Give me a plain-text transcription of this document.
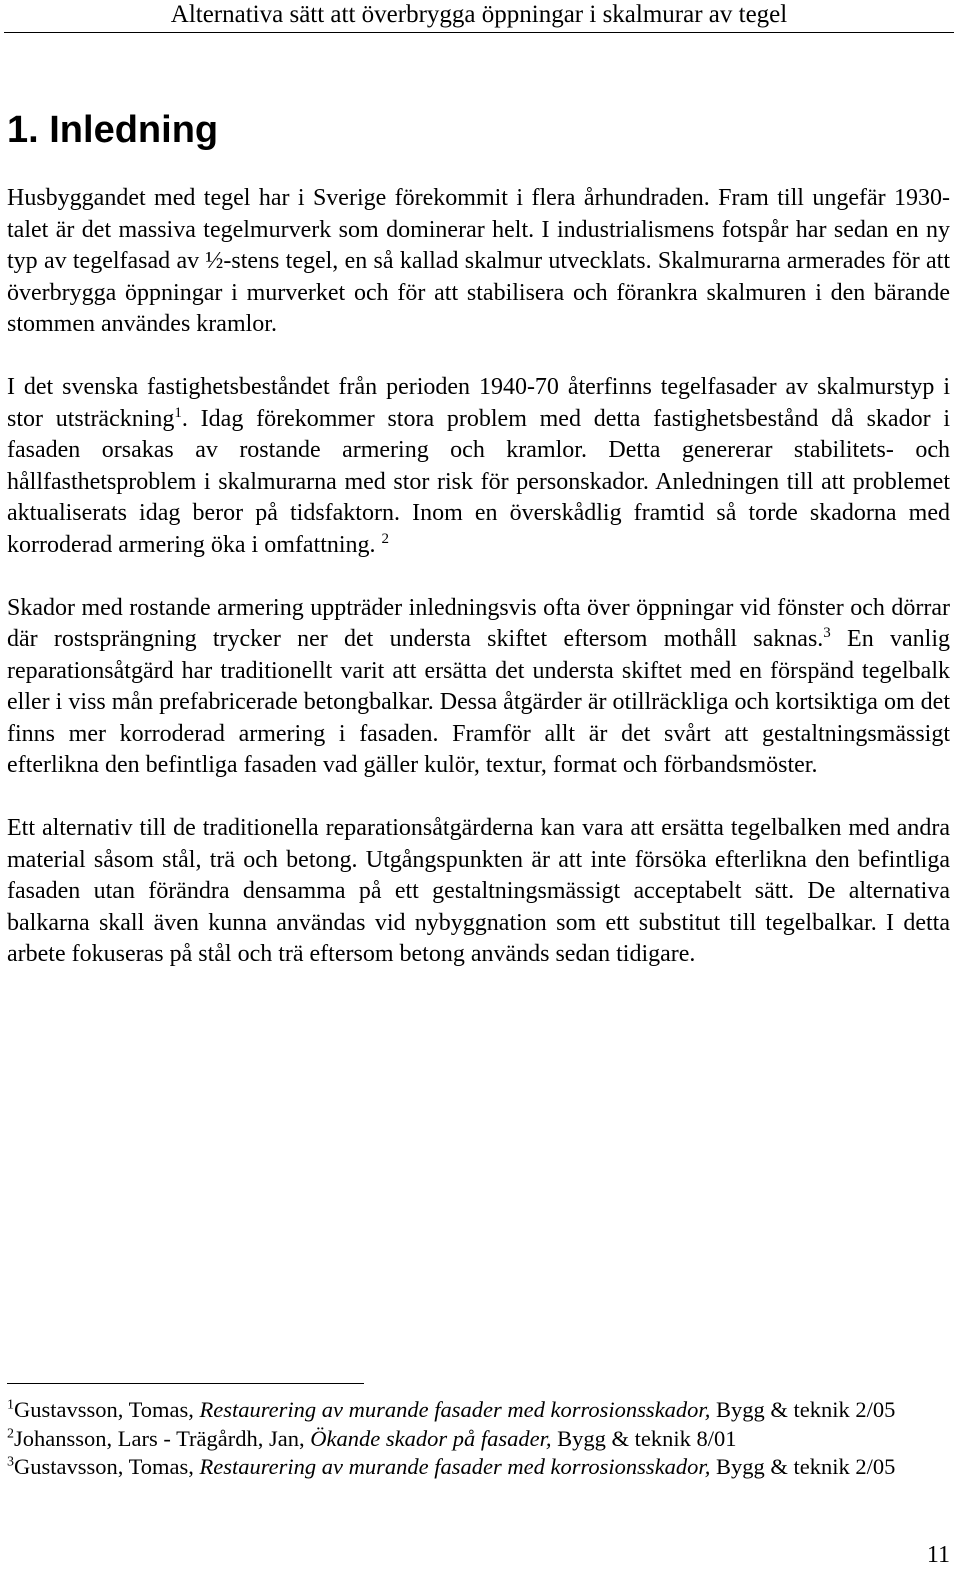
Alternativa sätt att överbrygga öppningar i skalmurar av tegel
1. Inledning

Husbyggandet med tegel har i Sverige förekommit i flera århundraden. Fram till ungefär 1930-talet är det massiva tegelmurverk som dominerar helt. I industrialismens fotspår har sedan en ny typ av tegelfasad av ½-stens tegel, en så kallad skalmur utvecklats. Skalmurarna armerades för att överbrygga öppningar i murverket och för att stabilisera och förankra skalmuren i den bärande stommen användes kramlor.

I det svenska fastighetsbeståndet från perioden 1940-70 återfinns tegelfasader av skalmurstyp i stor utsträckning$^1$. Idag förekommer stora problem med detta fastighetsbestånd då skador i fasaden orsakas av rostande armering och kramlor. Detta genererar stabilitets- och hållfasthetsproblem i skalmurarna med stor risk för personskador. Anledningen till att problemet aktualiserats idag beror på tidsfaktorn. Inom en överskådlig framtid så torde skadorna med korroderad armering öka i omfattning. $^2$

Skador med rostande armering uppträder inledningsvis ofta över öppningar vid fönster och dörrar där rostsprängning trycker ner det understa skiftet eftersom mothåll saknas.$^3$ En vanlig reparationsåtgärd har traditionellt varit att ersätta det understa skiftet med en förspänd tegelbalk eller i viss mån prefabricerade betongbalkar. Dessa åtgärder är otillräckliga och kortsiktiga om det finns mer korroderad armering i fasaden. Framför allt är det svårt att gestaltningsmässigt efterlikna den befintliga fasaden vad gäller kulör, textur, format och förbandsmöster.

Ett alternativ till de traditionella reparationsåtgärderna kan vara att ersätta tegelbalken med andra material såsom stål, trä och betong. Utgångspunkten är att inte försöka efterlikna den befintliga fasaden utan förändra densamma på ett gestaltningsmässigt acceptabelt sätt. De alternativa balkarna skall även kunna användas vid nybyggnation som ett substitut till tegelbalkar. I detta arbete fokuseras på stål och trä eftersom betong används sedan tidigare.

$^1$Gustavsson, Tomas, Restaurering av murande fasader med korrosionsskador, Bygg & teknik 2/05

$^2$Johansson, Lars - Trägårdh, Jan, Ökande skador på fasader, Bygg & teknik 8/01

$^3$Gustavsson, Tomas, Restaurering av murande fasader med korrosionsskador, Bygg & teknik 2/05

11
